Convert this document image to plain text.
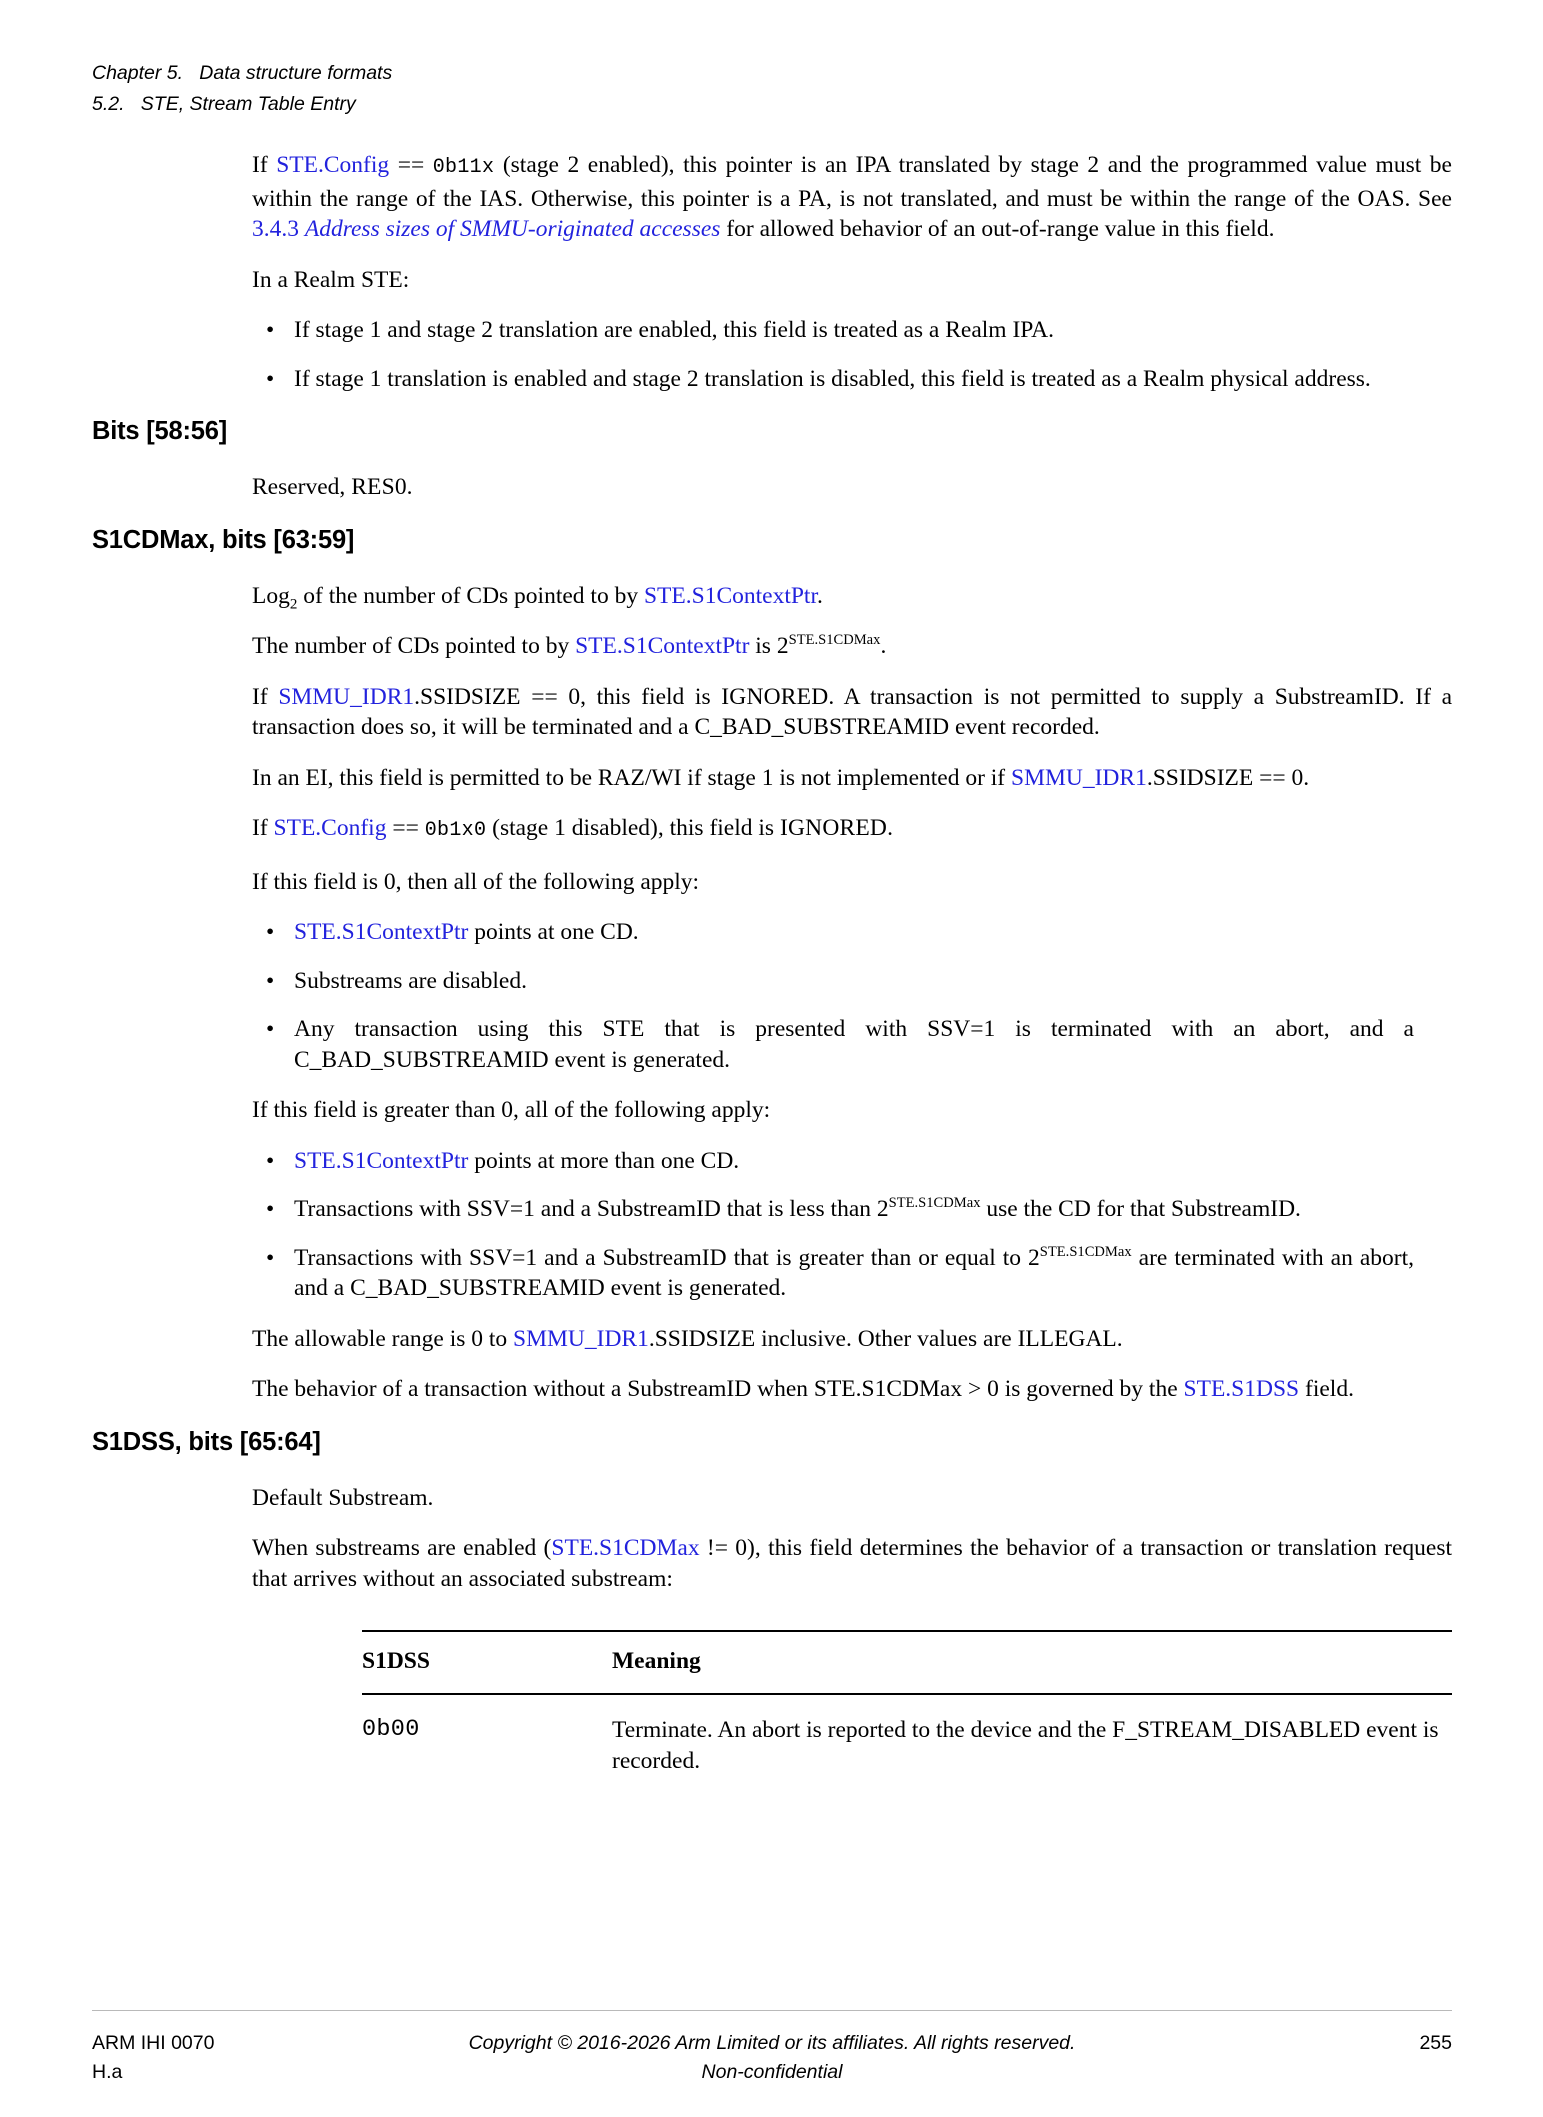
Chapter 5.   Data structure formats
5.2.   STE, Stream Table Entry

If STE.Config == 0b11x (stage 2 enabled), this pointer is an IPA translated by stage 2 and the programmed value must be within the range of the IAS. Otherwise, this pointer is a PA, is not translated, and must be within the range of the OAS. See 3.4.3 Address sizes of SMMU-originated accesses for allowed behavior of an out-of-range value in this field.

In a Realm STE:

• If stage 1 and stage 2 translation are enabled, this field is treated as a Realm IPA.
• If stage 1 translation is enabled and stage 2 translation is disabled, this field is treated as a Realm physical address.
Bits [58:56]

Reserved, RES0.

S1CDMax, bits [63:59]

Log$_2$ of the number of CDs pointed to by STE.S1ContextPtr.

The number of CDs pointed to by STE.S1ContextPtr is $2^{STE.S1CDMax}$.

If SMMU_IDR1.SSIDSIZE == 0, this field is IGNORED. A transaction is not permitted to supply a SubstreamID. If a transaction does so, it will be terminated and a C_BAD_SUBSTREAMID event recorded.

In an EI, this field is permitted to be RAZ/WI if stage 1 is not implemented or if SMMU_IDR1.SSIDSIZE == 0.

If STE.Config == 0b1x0 (stage 1 disabled), this field is IGNORED.

If this field is 0, then all of the following apply:

• STE.S1ContextPtr points at one CD.
• Substreams are disabled.
• Any transaction using this STE that is presented with SSV=1 is terminated with an abort, and a C_BAD_SUBSTREAMID event is generated.

If this field is greater than 0, all of the following apply:

• STE.S1ContextPtr points at more than one CD.
• Transactions with SSV=1 and a SubstreamID that is less than $2^{STE.S1CDMax}$ use the CD for that SubstreamID.
• Transactions with SSV=1 and a SubstreamID that is greater than or equal to $2^{STE.S1CDMax}$ are terminated with an abort, and a C_BAD_SUBSTREAMID event is generated.

The allowable range is 0 to SMMU_IDR1.SSIDSIZE inclusive. Other values are ILLEGAL.

The behavior of a transaction without a SubstreamID when STE.S1CDMax > 0 is governed by the STE.S1DSS field.

S1DSS, bits [65:64]

Default Substream.

When substreams are enabled (STE.S1CDMax != 0), this field determines the behavior of a transaction or translation request that arrives without an associated substream:

S1DSS	Meaning
0b00	Terminate. An abort is reported to the device and the F_STREAM_DISABLED event is recorded.
ARM IHI 0070	Copyright © 2016-2026 Arm Limited or its affiliates. All rights reserved.	255
H.a	Non-confidential
